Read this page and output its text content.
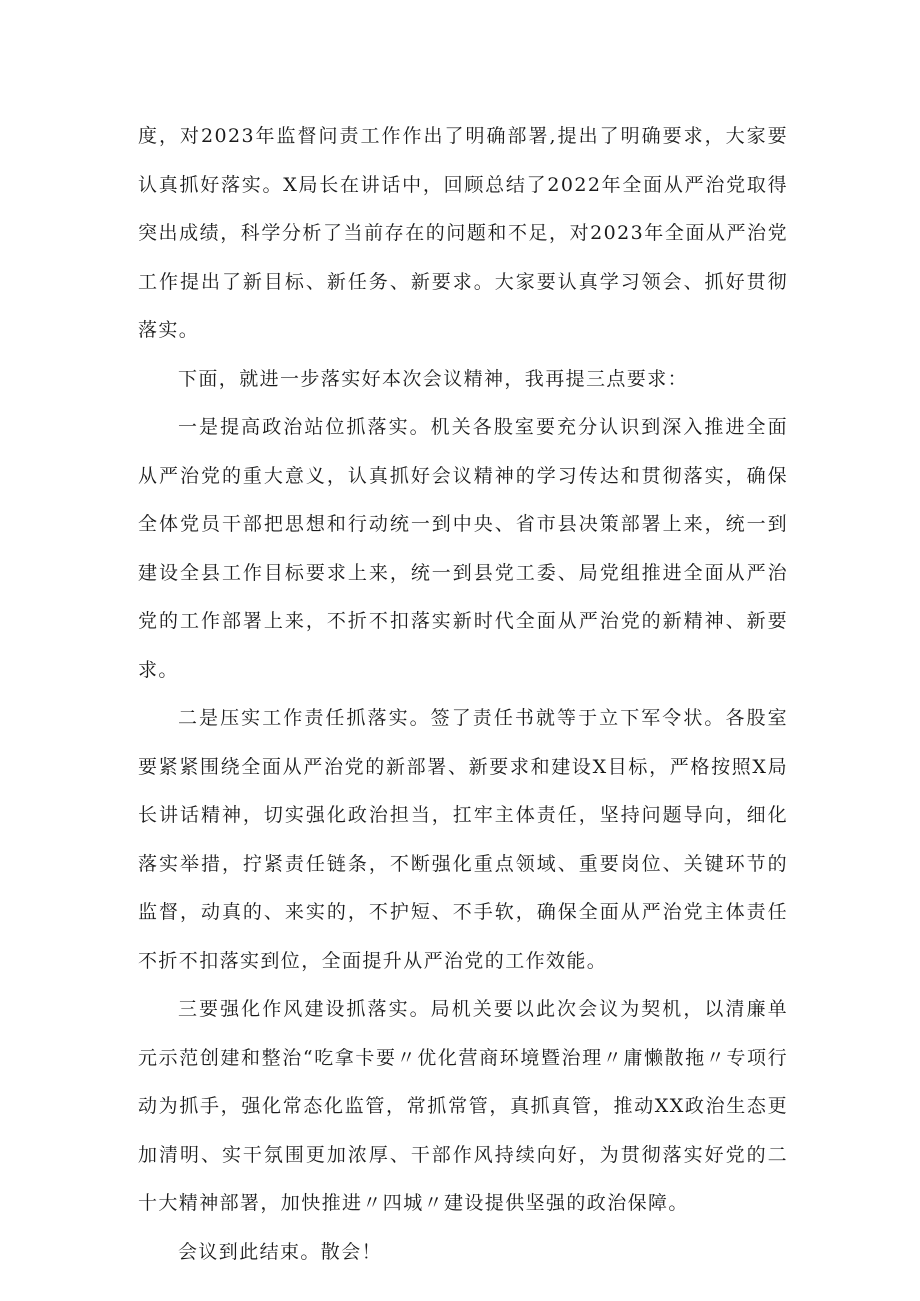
度，对2023年监督问责工作作出了明确部署,提出了明确要求，大家要认真抓好落实。X局长在讲话中，回顾总结了2022年全面从严治党取得突出成绩，科学分析了当前存在的问题和不足，对2023年全面从严治党工作提出了新目标、新任务、新要求。大家要认真学习领会、抓好贯彻落实。

下面，就进一步落实好本次会议精神，我再提三点要求：

一是提高政治站位抓落实。机关各股室要充分认识到深入推进全面从严治党的重大意义，认真抓好会议精神的学习传达和贯彻落实，确保全体党员干部把思想和行动统一到中央、省市县决策部署上来，统一到建设全县工作目标要求上来，统一到县党工委、局党组推进全面从严治党的工作部署上来，不折不扣落实新时代全面从严治党的新精神、新要求。

二是压实工作责任抓落实。签了责任书就等于立下军令状。各股室要紧紧围绕全面从严治党的新部署、新要求和建设X目标，严格按照X局长讲话精神，切实强化政治担当，扛牢主体责任，坚持问题导向，细化落实举措，拧紧责任链条，不断强化重点领域、重要岗位、关键环节的监督，动真的、来实的，不护短、不手软，确保全面从严治党主体责任不折不扣落实到位，全面提升从严治党的工作效能。

三要强化作风建设抓落实。局机关要以此次会议为契机，以清廉单元示范创建和整治“吃拿卡要〃优化营商环境暨治理〃庸懒散拖〃专项行动为抓手，强化常态化监管，常抓常管，真抓真管，推动XX政治生态更加清明、实干氛围更加浓厚、干部作风持续向好，为贯彻落实好党的二十大精神部署，加快推进〃四城〃建设提供坚强的政治保障。

会议到此结束。散会！
